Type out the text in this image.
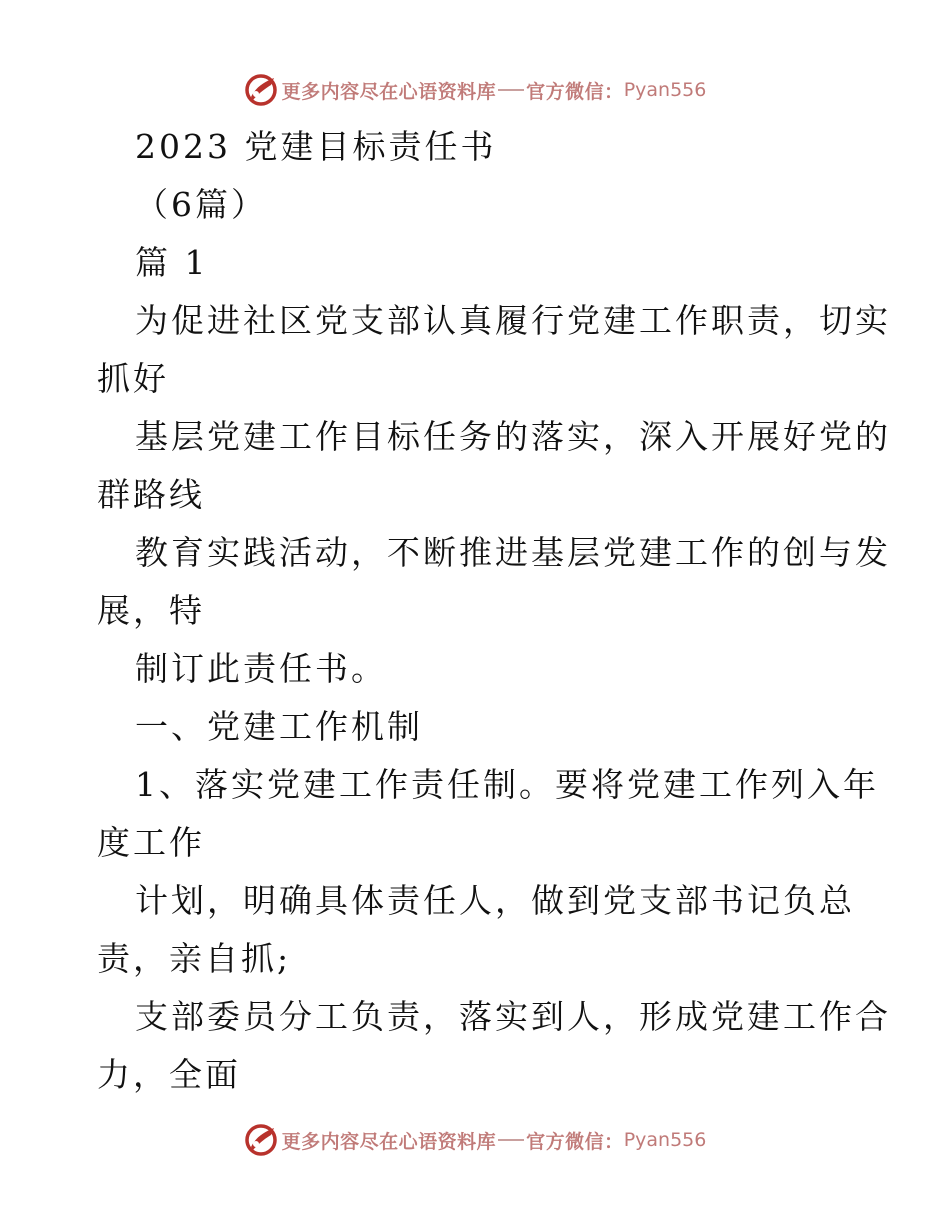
更多内容尽在心语资料库 官方微信： Pyan556
2023 党建目标责任书
（6篇）
篇 1
为促进社区党支部认真履行党建工作职责，切实
抓好
基层党建工作目标任务的落实，深入开展好党的
群路线
教育实践活动，不断推进基层党建工作的创与发
展，特
制订此责任书。
一、党建工作机制
1、落实党建工作责任制。要将党建工作列入年
度工作
计划，明确具体责任人，做到党支部书记负总
责，亲自抓;
支部委员分工负责，落实到人，形成党建工作合
力，全面
更多内容尽在心语资料库 官方微信： Pyan556
